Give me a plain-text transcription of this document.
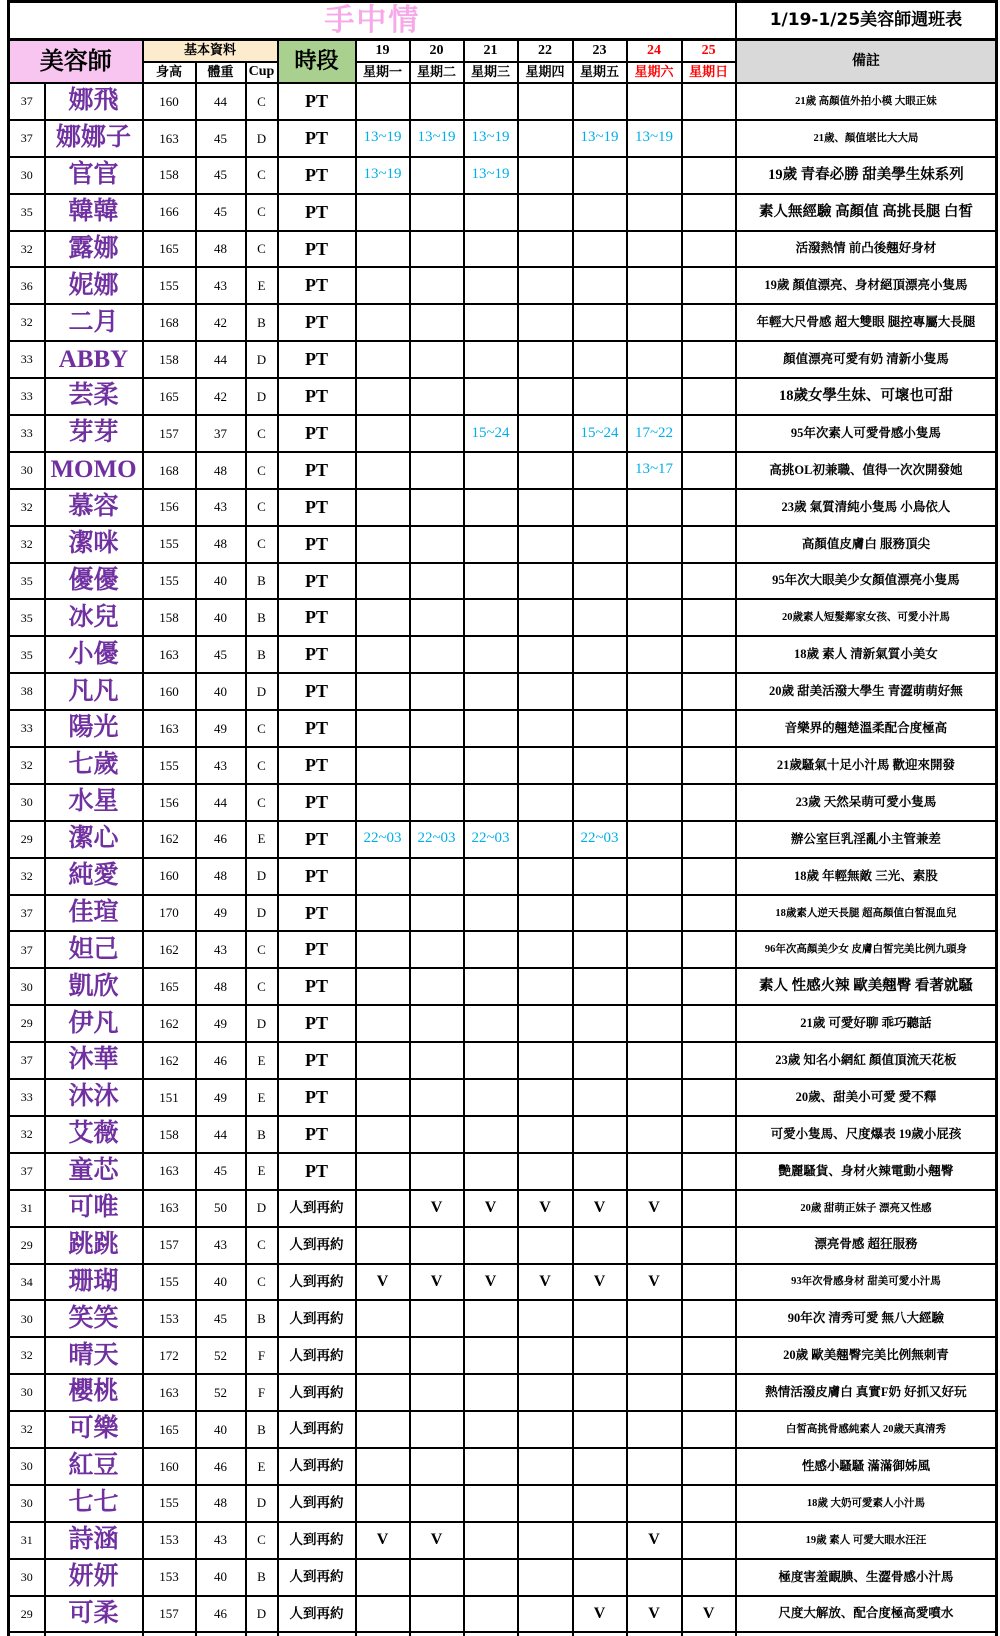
手中情													1/19-1/25美容師週班表
美容師		基本資料			時段	19	20	21	22	23	24	25	備註
		身高	體重	Cup		星期一	星期二	星期三	星期四	星期五	星期六	星期日	
37	娜飛	160	44	C	PT								21歲 高顏值外拍小模 大眼正妹
37	娜娜子	163	45	D	PT	13~19	13~19	13~19		13~19	13~19		21歲、顏值堪比大大局
30	官官	158	45	C	PT	13~19		13~19					19歲 青春必勝 甜美學生妹系列
35	韓韓	166	45	C	PT								素人無經驗 高顏值 高挑長腿 白皙
32	露娜	165	48	C	PT								活潑熱情 前凸後翹好身材
36	妮娜	155	43	E	PT								19歲 顏值漂亮、身材絕頂漂亮小隻馬
32	二月	168	42	B	PT								年輕大尺骨感 超大雙眼 腿控專屬大長腿
33	ABBY	158	44	D	PT								顏值漂亮可愛有奶 清新小隻馬
33	芸柔	165	42	D	PT								18歲女學生妹、可壞也可甜
33	芽芽	157	37	C	PT			15~24		15~24	17~22		95年次素人可愛骨感小隻馬
30	MOMO	168	48	C	PT						13~17		高挑OL初兼職、值得一次次開發她
32	慕容	156	43	C	PT								23歲 氣質清純小隻馬 小鳥依人
32	潔咪	155	48	C	PT								高顏值皮膚白 服務頂尖
35	優優	155	40	B	PT								95年次大眼美少女顏值漂亮小隻馬
35	冰兒	158	40	B	PT								20歲素人短髮鄰家女孩、可愛小汁馬
35	小優	163	45	B	PT								18歲 素人 清新氣質小美女
38	凡凡	160	40	D	PT								20歲 甜美活潑大學生 青澀萌萌好無
33	陽光	163	49	C	PT								音樂界的翹楚溫柔配合度極高
32	七歲	155	43	C	PT								21歲騷氣十足小汁馬 歡迎來開發
30	水星	156	44	C	PT								23歲 天然呆萌可愛小隻馬
29	潔心	162	46	E	PT	22~03	22~03	22~03		22~03			辦公室巨乳淫亂小主管兼差
32	純愛	160	48	D	PT								18歲 年輕無敵 三光、素股
37	佳瑄	170	49	D	PT								18歲素人逆天長腿 超高顏值白皙混血兒
37	妲己	162	43	C	PT								96年次高顏美少女 皮膚白皙完美比例九頭身
30	凱欣	165	48	C	PT								素人 性感火辣 歐美翹臀 看著就騷
29	伊凡	162	49	D	PT								21歲 可愛好聊 乖巧聽話
37	沐華	162	46	E	PT								23歲 知名小網紅 顏值頂流天花板
33	沐沐	151	49	E	PT								20歲、甜美小可愛 愛不釋
32	艾薇	158	44	B	PT								可愛小隻馬、尺度爆表 19歲小屁孩
37	童芯	163	45	E	PT								艷麗騷貨、身材火辣電動小翹臀
31	可唯	163	50	D	人到再約		V	V	V	V	V		20歲 甜萌正妹子 漂亮又性感
29	跳跳	157	43	C	人到再約								漂亮骨感 超狂服務
34	珊瑚	155	40	C	人到再約	V	V	V	V	V	V		93年次骨感身材 甜美可愛小汁馬
30	笑笑	153	45	B	人到再約								90年次 清秀可愛 無八大經驗
32	晴天	172	52	F	人到再約								20歲 歐美翹臀完美比例無刺青
30	櫻桃	163	52	F	人到再約								熱情活潑皮膚白 真實F奶 好抓又好玩
32	可樂	165	40	B	人到再約								白皙高挑骨感純素人 20歲天真清秀
30	紅豆	160	46	E	人到再約								性感小騷騷 滿滿御姊風
30	七七	155	48	D	人到再約								18歲 大奶可愛素人小汁馬
31	詩涵	153	43	C	人到再約	V	V				V		19歲 素人 可愛大眼水汪汪
30	妍妍	153	40	B	人到再約								極度害羞靦腆、生澀骨感小汁馬
29	可柔	157	46	D	人到再約					V	V	V	尺度大解放、配合度極高愛噴水
